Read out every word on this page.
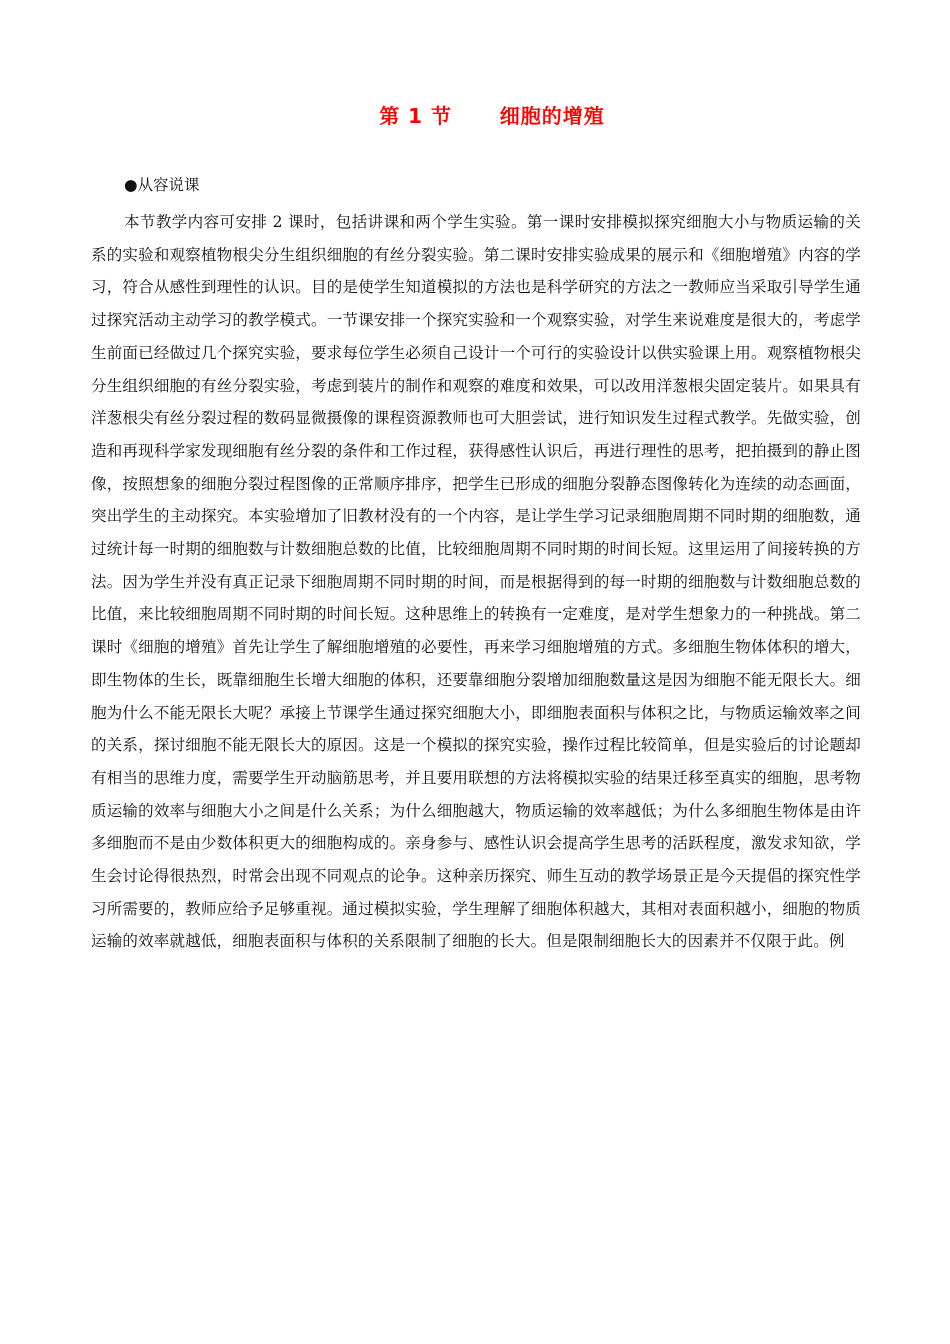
第 1 节      细胞的增殖
●从容说课

本节教学内容可安排 2 课时，包括讲课和两个学生实验。第一课时安排模拟探究细胞大小与物质运输的关系的实验和观察植物根尖分生组织细胞的有丝分裂实验。第二课时安排实验成果的展示和《细胞增殖》内容的学习，符合从感性到理性的认识。目的是使学生知道模拟的方法也是科学研究的方法之一教师应当采取引导学生通过探究活动主动学习的教学模式。一节课安排一个探究实验和一个观察实验，对学生来说难度是很大的，考虑学生前面已经做过几个探究实验，要求每位学生必须自己设计一个可行的实验设计以供实验课上用。观察植物根尖分生组织细胞的有丝分裂实验，考虑到装片的制作和观察的难度和效果，可以改用洋葱根尖固定装片。如果具有洋葱根尖有丝分裂过程的数码显微摄像的课程资源教师也可大胆尝试，进行知识发生过程式教学。先做实验，创造和再现科学家发现细胞有丝分裂的条件和工作过程，获得感性认识后，再进行理性的思考，把拍摄到的静止图像，按照想象的细胞分裂过程图像的正常顺序排序，把学生已形成的细胞分裂静态图像转化为连续的动态画面，突出学生的主动探究。本实验增加了旧教材没有的一个内容，是让学生学习记录细胞周期不同时期的细胞数，通过统计每一时期的细胞数与计数细胞总数的比值，比较细胞周期不同时期的时间长短。这里运用了间接转换的方法。因为学生并没有真正记录下细胞周期不同时期的时间，而是根据得到的每一时期的细胞数与计数细胞总数的比值，来比较细胞周期不同时期的时间长短。这种思维上的转换有一定难度，是对学生想象力的一种挑战。第二课时《细胞的增殖》首先让学生了解细胞增殖的必要性，再来学习细胞增殖的方式。多细胞生物体体积的增大，即生物体的生长，既靠细胞生长增大细胞的体积，还要靠细胞分裂增加细胞数量这是因为细胞不能无限长大。细胞为什么不能无限长大呢？承接上节课学生通过探究细胞大小，即细胞表面积与体积之比，与物质运输效率之间的关系，探讨细胞不能无限长大的原因。这是一个模拟的探究实验，操作过程比较简单，但是实验后的讨论题却有相当的思维力度，需要学生开动脑筋思考，并且要用联想的方法将模拟实验的结果迁移至真实的细胞，思考物质运输的效率与细胞大小之间是什么关系；为什么细胞越大，物质运输的效率越低；为什么多细胞生物体是由许多细胞而不是由少数体积更大的细胞构成的。亲身参与、感性认识会提高学生思考的活跃程度，激发求知欲，学生会讨论得很热烈，时常会出现不同观点的论争。这种亲历探究、师生互动的教学场景正是今天提倡的探究性学习所需要的，教师应给予足够重视。通过模拟实验，学生理解了细胞体积越大，其相对表面积越小，细胞的物质运输的效率就越低，细胞表面积与体积的关系限制了细胞的长大。但是限制细胞长大的因素并不仅限于此。例
